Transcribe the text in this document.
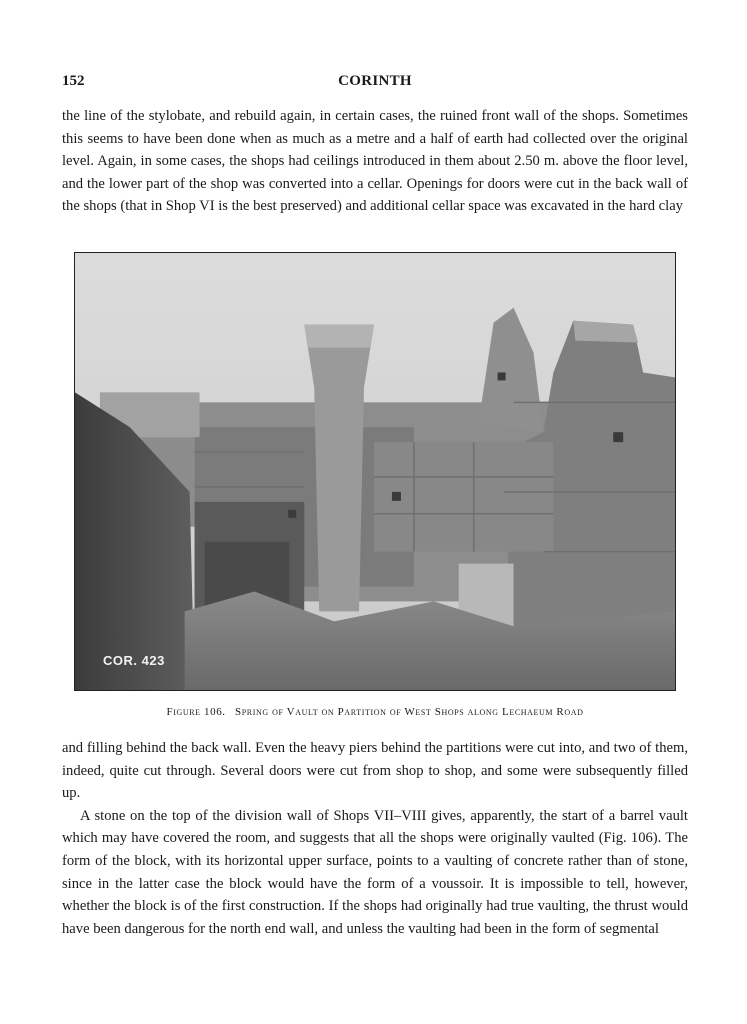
152	CORINTH

the line of the stylobate, and rebuild again, in certain cases, the ruined front wall of the shops. Sometimes this seems to have been done when as much as a metre and a half of earth had collected over the original level. Again, in some cases, the shops had ceilings introduced in them about 2.50 m. above the floor level, and the lower part of the shop was converted into a cellar. Openings for doors were cut in the back wall of the shops (that in Shop VI is the best preserved) and additional cellar space was excavated in the hard clay

COR. 423
Figure 106. Spring of Vault on Partition of West Shops along Lechaeum Road

and filling behind the back wall. Even the heavy piers behind the partitions were cut into, and two of them, indeed, quite cut through. Several doors were cut from shop to shop, and some were subsequently filled up.

A stone on the top of the division wall of Shops VII–VIII gives, apparently, the start of a barrel vault which may have covered the room, and suggests that all the shops were originally vaulted (Fig. 106). The form of the block, with its horizontal upper surface, points to a vaulting of concrete rather than of stone, since in the latter case the block would have the form of a voussoir. It is impossible to tell, however, whether the block is of the first construction. If the shops had originally had true vaulting, the thrust would have been dangerous for the north end wall, and unless the vaulting had been in the form of segmental
